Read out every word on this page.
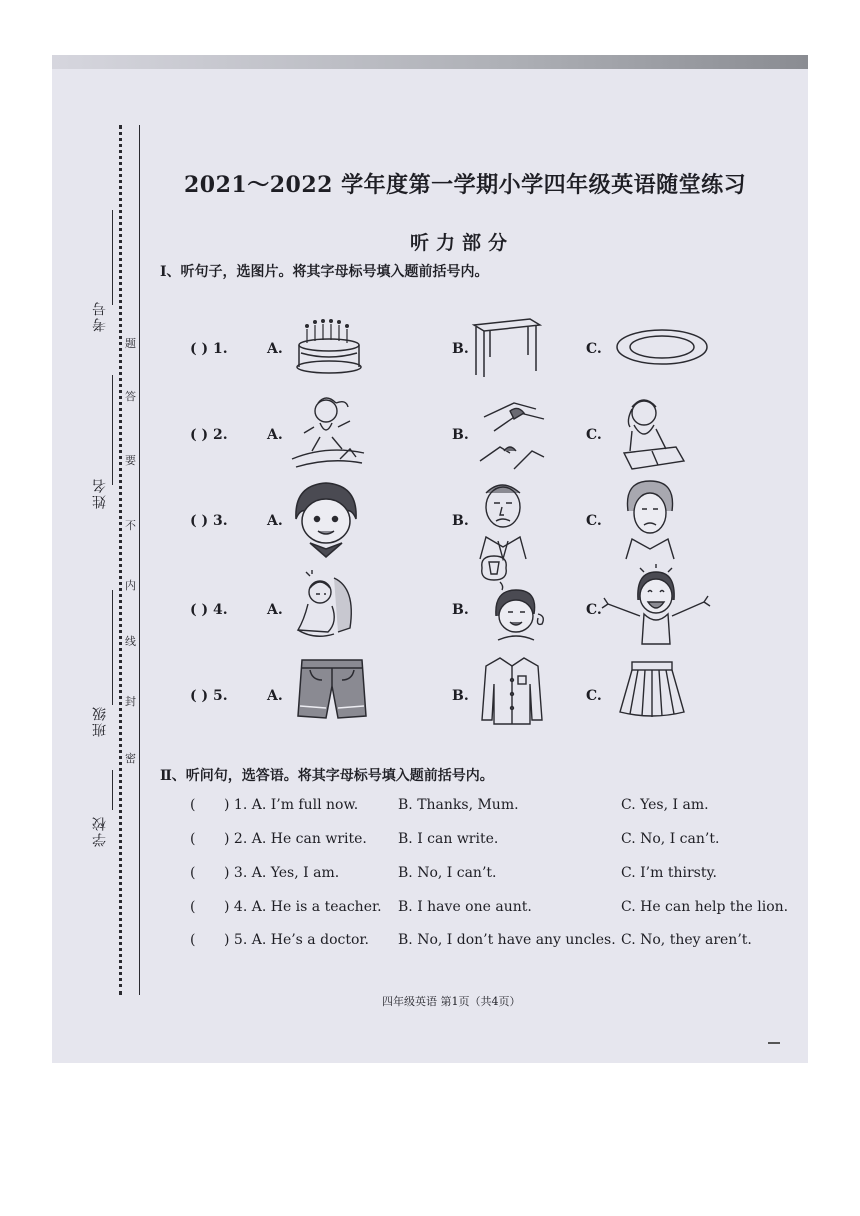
考号
姓名
班级
学校
题
答
要
不
内
线
封
密
2021～2022 学年度第一学期小学四年级英语随堂练习
听力部分
Ⅰ、听句子，选图片。将其字母标号填入题前括号内。
( ) 1.	A.	B.	C.
( ) 2.	A.	B.	C.
( ) 3.	A.	B.	C.
( ) 4.	A.	B.	C.
( ) 5.	A.	B.	C.
Ⅱ、听问句，选答语。将其字母标号填入题前括号内。
( ) 1. A. I’m full now.	B. Thanks, Mum.	C. Yes, I am.
( ) 2. A. He can write. B. I can write.	C. No, I can’t.
( ) 3. A. Yes, I am.	B. No, I can’t.	C. I’m thirsty.
( ) 4. A. He is a teacher. B. I have one aunt.	C. He can help the lion.
( ) 5. A. He’s a doctor. B. No, I don’t have any uncles. C. No, they aren’t.
四年级英语 第1页（共4页）
